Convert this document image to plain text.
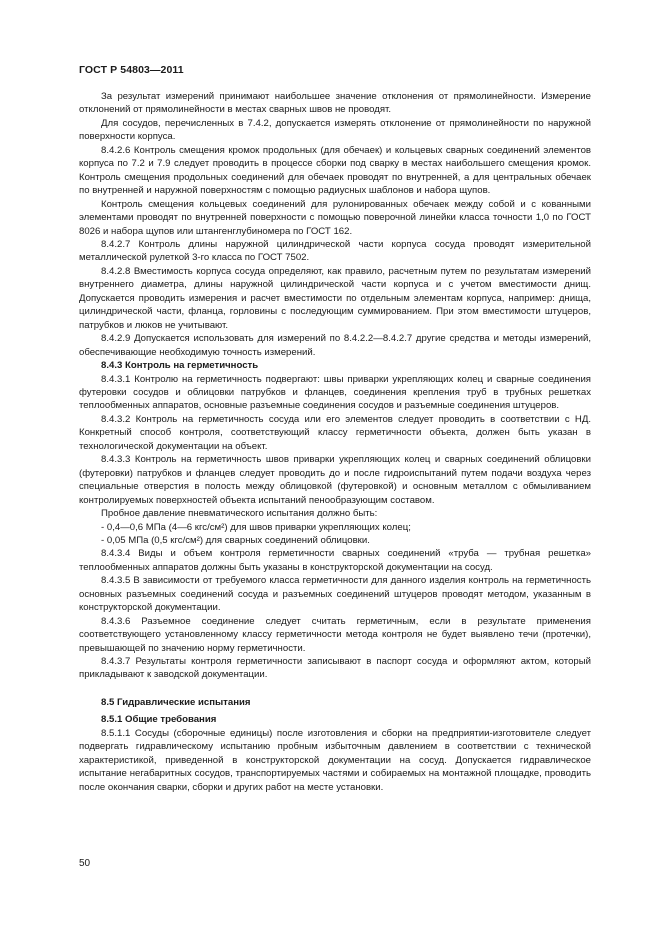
ГОСТ Р 54803—2011

За результат измерений принимают наибольшее значение отклонения от прямолинейности. Измерение отклонений от прямолинейности в местах сварных швов не проводят.

Для сосудов, перечисленных в 7.4.2, допускается измерять отклонение от прямолинейности по наружной поверхности корпуса.

8.4.2.6 Контроль смещения кромок продольных (для обечаек) и кольцевых сварных соединений элементов корпуса по 7.2 и 7.9 следует проводить в процессе сборки под сварку в местах наибольшего смещения кромок. Контроль смещения продольных соединений для обечаек проводят по внутренней, а для центральных обечаек по внутренней и наружной поверхностям с помощью радиусных шаблонов и набора щупов.

Контроль смещения кольцевых соединений для рулонированных обечаек между собой и с кованными элементами проводят по внутренней поверхности с помощью поверочной линейки класса точности 1,0 по ГОСТ 8026 и набора щупов или штангенглубиномера по ГОСТ 162.

8.4.2.7 Контроль длины наружной цилиндрической части корпуса сосуда проводят измерительной металлической рулеткой 3-го класса по ГОСТ 7502.

8.4.2.8 Вместимость корпуса сосуда определяют, как правило, расчетным путем по результатам измерений внутреннего диаметра, длины наружной цилиндрической части корпуса и с учетом вместимости днищ. Допускается проводить измерения и расчет вместимости по отдельным элементам корпуса, например: днища, цилиндрической части, фланца, горловины с последующим суммированием. При этом вместимости штуцеров, патрубков и люков не учитывают.

8.4.2.9 Допускается использовать для измерений по 8.4.2.2—8.4.2.7 другие средства и методы измерений, обеспечивающие необходимую точность измерений.

8.4.3 Контроль на герметичность

8.4.3.1 Контролю на герметичность подвергают: швы приварки укрепляющих колец и сварные соединения футеровки сосудов и облицовки патрубков и фланцев, соединения крепления труб в трубных решетках теплообменных аппаратов, основные разъемные соединения сосудов и разъемные соединения штуцеров.

8.4.3.2 Контроль на герметичность сосуда или его элементов следует проводить в соответствии с НД. Конкретный способ контроля, соответствующий классу герметичности объекта, должен быть указан в технологической документации на объект.

8.4.3.3 Контроль на герметичность швов приварки укрепляющих колец и сварных соединений облицовки (футеровки) патрубков и фланцев следует проводить до и после гидроиспытаний путем подачи воздуха через специальные отверстия в полость между облицовкой (футеровкой) и основным металлом с обмыливанием контролируемых поверхностей объекта испытаний пенообразующим составом.

Пробное давление пневматического испытания должно быть:

- 0,4—0,6 МПа (4—6 кгс/см²) для швов приварки укрепляющих колец;

- 0,05 МПа (0,5 кгс/см²) для сварных соединений облицовки.

8.4.3.4 Виды и объем контроля герметичности сварных соединений «труба — трубная решетка» теплообменных аппаратов должны быть указаны в конструкторской документации на сосуд.

8.4.3.5 В зависимости от требуемого класса герметичности для данного изделия контроль на герметичность основных разъемных соединений сосуда и разъемных соединений штуцеров проводят методом, указанным в конструкторской документации.

8.4.3.6 Разъемное соединение следует считать герметичным, если в результате применения соответствующего установленному классу герметичности метода контроля не будет выявлено течи (протечки), превышающей по значению норму герметичности.

8.4.3.7 Результаты контроля герметичности записывают в паспорт сосуда и оформляют актом, который прикладывают к заводской документации.

8.5 Гидравлические испытания

8.5.1 Общие требования

8.5.1.1 Сосуды (сборочные единицы) после изготовления и сборки на предприятии-изготовителе следует подвергать гидравлическому испытанию пробным избыточным давлением в соответствии с технической характеристикой, приведенной в конструкторской документации на сосуд. Допускается гидравлическое испытание негабаритных сосудов, транспортируемых частями и собираемых на монтажной площадке, проводить после окончания сварки, сборки и других работ на месте установки.

50
